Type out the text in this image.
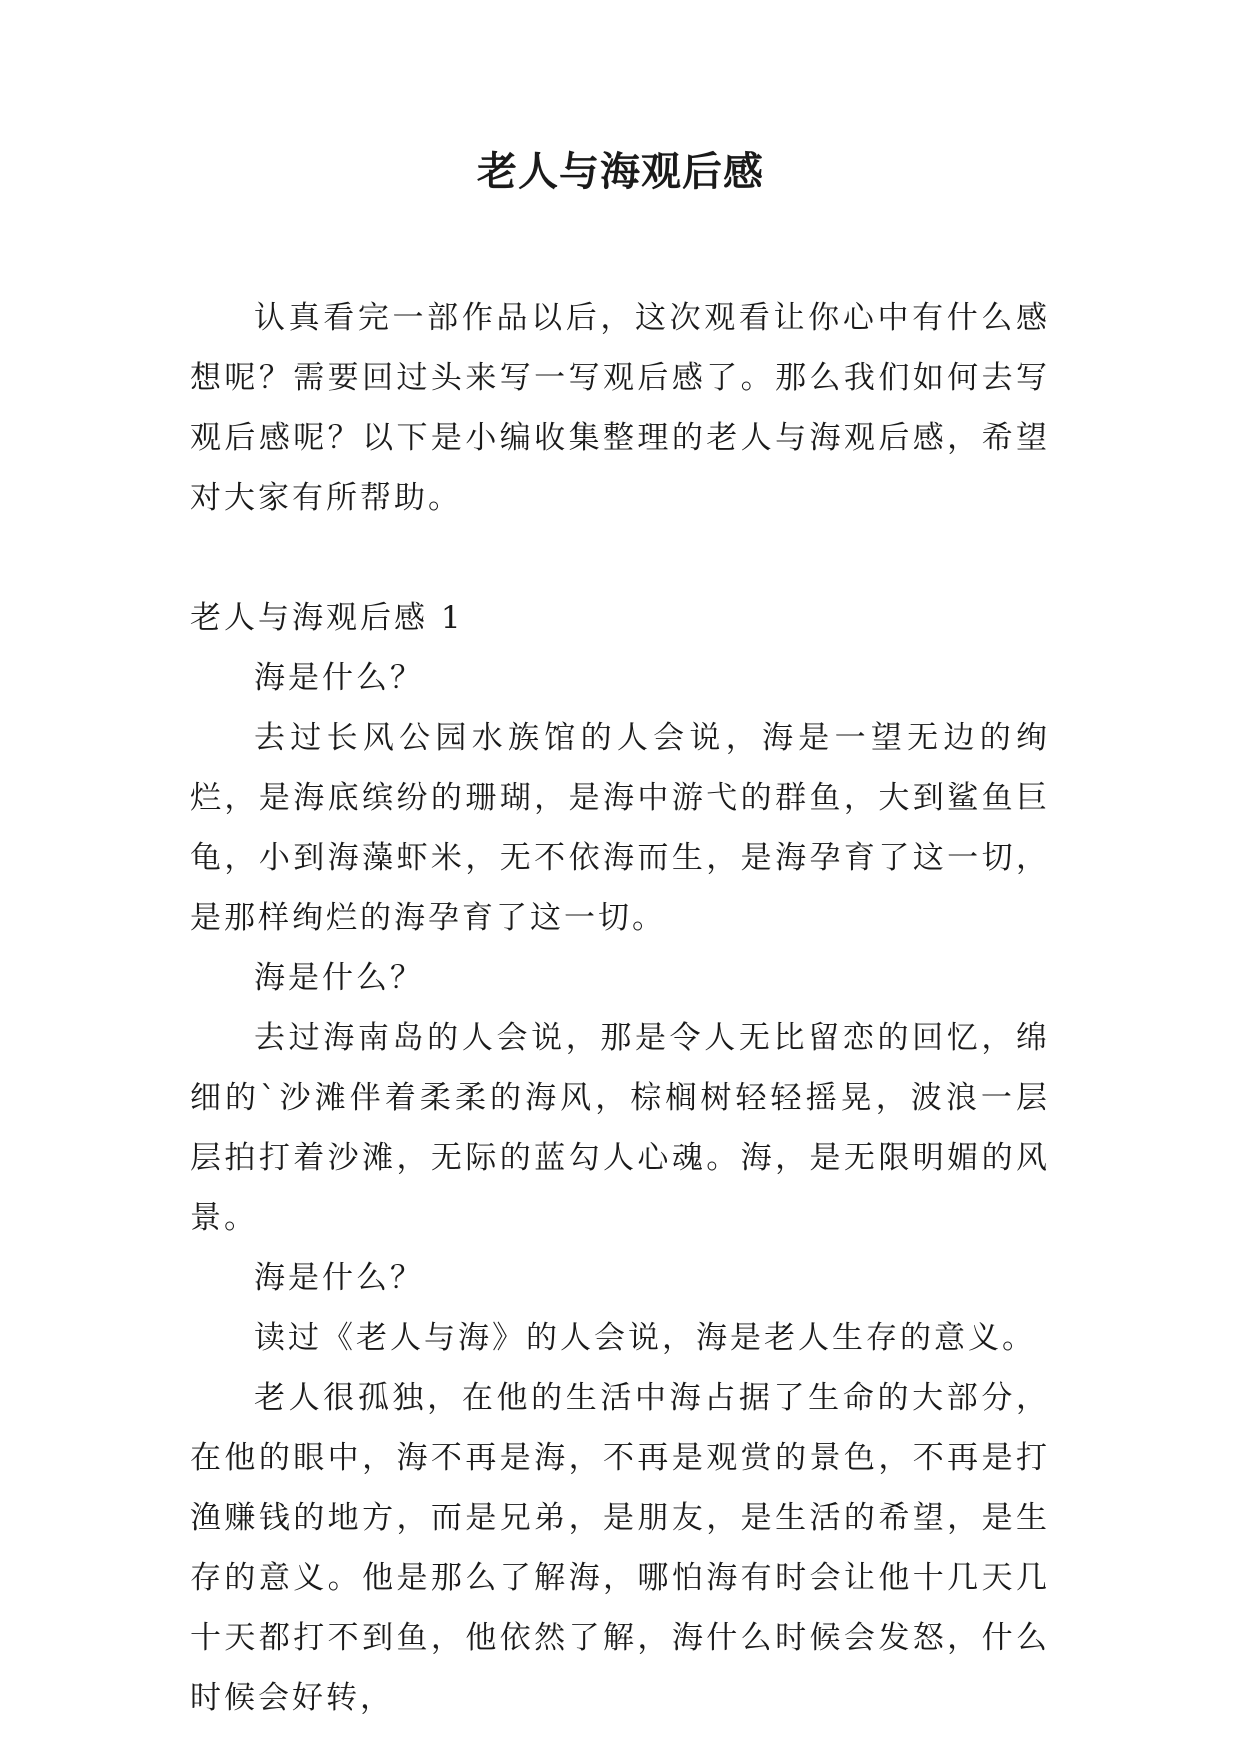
老人与海观后感

认真看完一部作品以后，这次观看让你心中有什么感想呢？需要回过头来写一写观后感了。那么我们如何去写观后感呢？以下是小编收集整理的老人与海观后感，希望对大家有所帮助。

老人与海观后感 1

海是什么？

去过长风公园水族馆的人会说，海是一望无边的绚烂，是海底缤纷的珊瑚，是海中游弋的群鱼，大到鲨鱼巨龟，小到海藻虾米，无不依海而生，是海孕育了这一切，是那样绚烂的海孕育了这一切。

海是什么？

去过海南岛的人会说，那是令人无比留恋的回忆，绵细的`沙滩伴着柔柔的海风，棕榈树轻轻摇晃，波浪一层层拍打着沙滩，无际的蓝勾人心魂。海，是无限明媚的风景。

海是什么？

读过《老人与海》的人会说，海是老人生存的意义。

老人很孤独，在他的生活中海占据了生命的大部分，在他的眼中，海不再是海，不再是观赏的景色，不再是打渔赚钱的地方，而是兄弟，是朋友，是生活的希望，是生存的意义。他是那么了解海，哪怕海有时会让他十几天几十天都打不到鱼，他依然了解，海什么时候会发怒，什么时候会好转，
